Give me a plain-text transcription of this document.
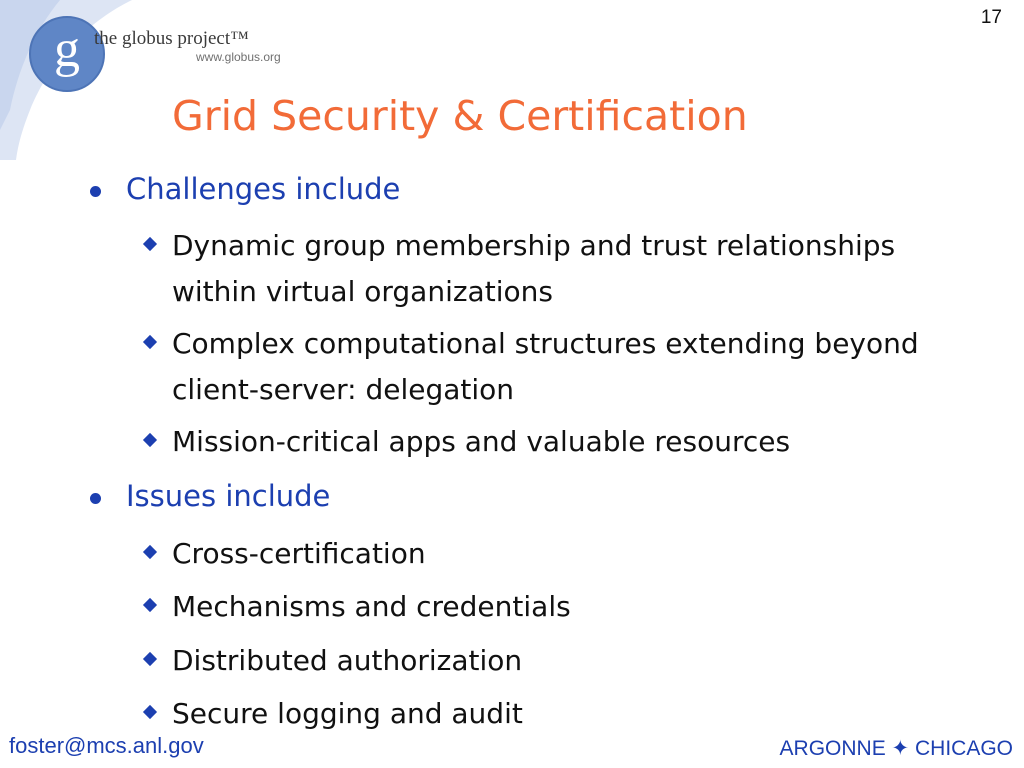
g the globus project™
www.globus.org
17
Grid Security & Certification
Challenges include
Dynamic group membership and trust relationships within virtual organizations
Complex computational structures extending beyond client-server: delegation
Mission-critical apps and valuable resources
Issues include
Cross-certification
Mechanisms and credentials
Distributed authorization
Secure logging and audit
foster@mcs.anl.gov	ARGONNE ✦ CHICAGO
